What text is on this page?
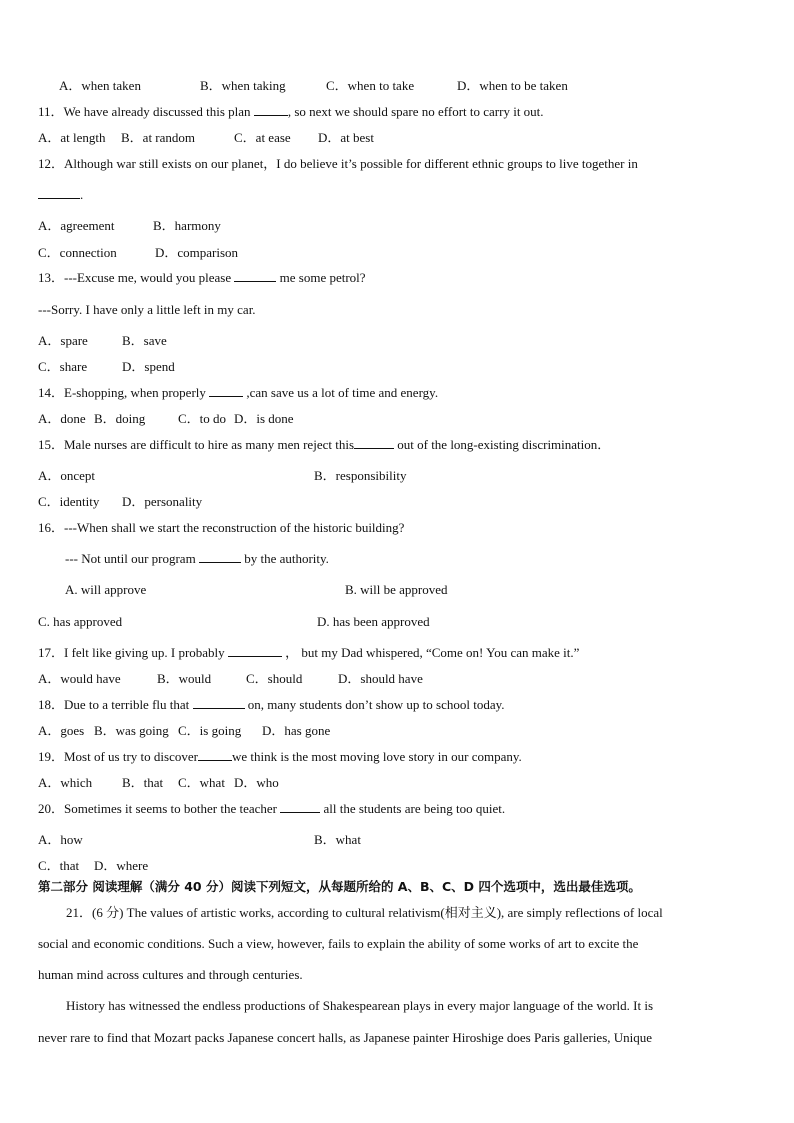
A．when taken	B．when taking	C．when to take	D．when to be taken
11．We have already discussed this plan	, so next we should spare no effort to carry it out.
A．at length B．at random	C．at ease D．at best
12．Although war still exists on our planet，I do believe it’s possible for different ethnic groups to live together in
.
A．agreement	B．harmony
C．connection	D．comparison
13．---Excuse me, would you please	me some petrol?
---Sorry. I have only a little left in my car.
A．spare	B．save
C．share	D．spend
14．E-shopping, when properly	,can save us a lot of time and energy.
A．done B．doing	C．to do D．is done
15．Male nurses are difficult to hire as many men reject this	out of the long-existing discrimination．
A．oncept	B．responsibility
C．identity D．personality
16．---When shall we start the reconstruction of the historic building?
--- Not until our program	by the authority.
A. will approve	B. will be approved
C. has approved	D. has been approved
17．I felt like giving up. I probably	， but my Dad whispered, “Come on! You can make it.”
A．would have	B．would	C．should	D．should have
18．Due to a terrible flu that	on, many students don’t show up to school today.
A．goes B．was going C．is going D．has gone
19．Most of us try to discover	we think is the most moving love story in our company.
A．which B．that C．what D．who
20．Sometimes it seems to bother the teacher	all the students are being too quiet.
A．how	B．what
C．that D．where
第二部分 阅读理解（满分 40 分）阅读下列短文，从每题所给的 A、B、C、D 四个选项中，选出最佳选项。
21．(6 分) The values of artistic works, according to cultural relativism(相对主义), are simply reflections of local
social and economic conditions. Such a view, however, fails to explain the ability of some works of art to excite the
human mind across cultures and through centuries.
History has witnessed the endless productions of Shakespearean plays in every major language of the world. It is
never rare to find that Mozart packs Japanese concert halls, as Japanese painter Hiroshige does Paris galleries, Unique
